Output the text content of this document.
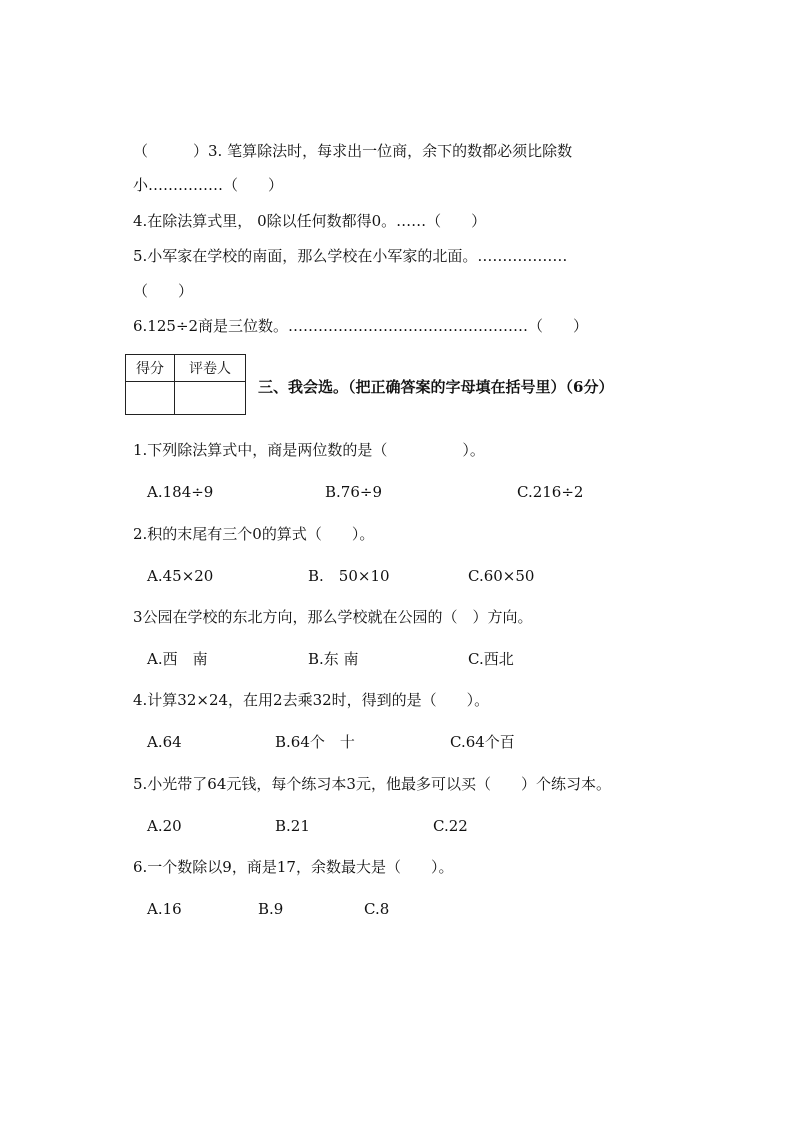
（　　　）3. 笔算除法时，每求出一位商，余下的数都必须比除数
小……………（　　）
4.在除法算式里， 0除以任何数都得0。……（　　）
5.小军家在学校的南面，那么学校在小军家的北面。………………
（　　）
6.125÷2商是三位数。…………………………………………（　　）
得分	评卷人

三、我会选。（把正确答案的字母填在括号里）（6分）
1.下列除法算式中，商是两位数的是（　　　　　）。
A.184÷9	B.76÷9	C.216÷2
2.积的末尾有三个0的算式（　　）。
A.45×20	B.　50×10	C.60×50
3公园在学校的东北方向，那么学校就在公园的（　）方向。
A.西　南	B.东 南	C.西北
4.计算32×24，在用2去乘32时，得到的是（　　）。
A.64	B.64个　十	C.64个百
5.小光带了64元钱，每个练习本3元，他最多可以买（　　）个练习本。
A.20	B.21	C.22
6.一个数除以9，商是17，余数最大是（　　）。
A.16	B.9	C.8
